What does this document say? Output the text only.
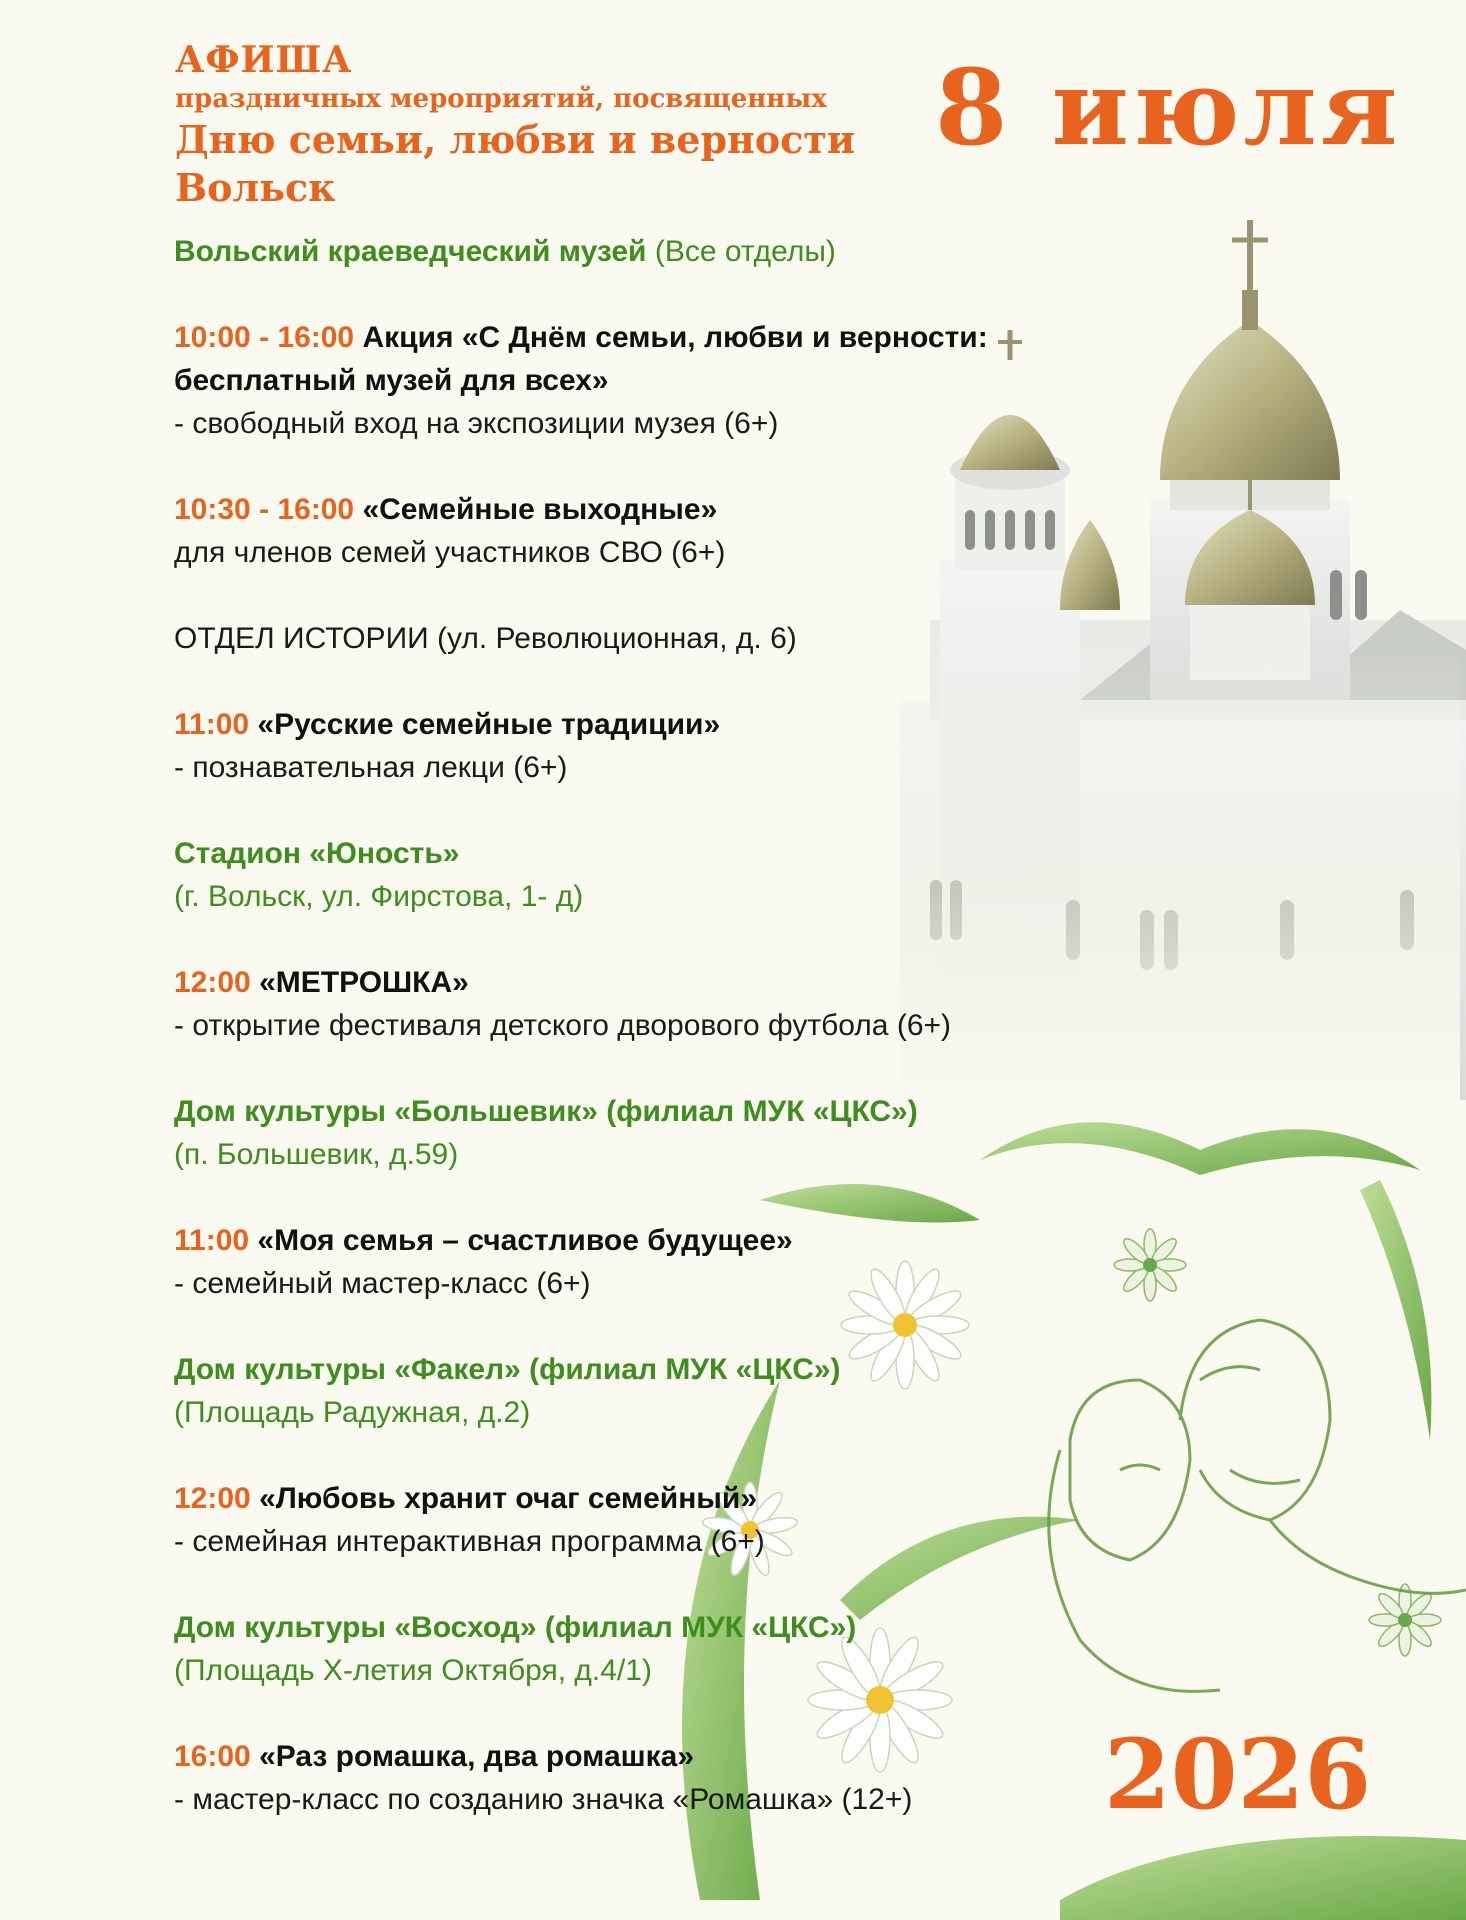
АФИША
праздничных мероприятий, посвященных
Дню семьи, любви и верности
Вольск
8 июля
2026
Вольский краеведческий музей (Все отделы)
10:00 - 16:00 Акция «С Днём семьи, любви и верности:
бесплатный музей для всех»
- свободный вход на экспозиции музея (6+)
10:30 - 16:00 «Семейные выходные»
для членов семей участников СВО (6+)
ОТДЕЛ ИСТОРИИ (ул. Революционная, д. 6)
11:00 «Русские семейные традиции»
- познавательная лекци (6+)
Стадион «Юность»
(г. Вольск, ул. Фирстова, 1- д)
12:00 «МЕТРОШКА»
- открытие фестиваля детского дворового футбола (6+)
Дом культуры «Большевик» (филиал МУК «ЦКС»)
(п. Большевик, д.59)
11:00 «Моя семья – счастливое будущее»
- семейный мастер-класс (6+)
Дом культуры «Факел» (филиал МУК «ЦКС»)
(Площадь Радужная, д.2)
12:00 «Любовь хранит очаг семейный»
- семейная интерактивная программа (6+)
Дом культуры «Восход» (филиал МУК «ЦКС»)
(Площадь X-летия Октября, д.4/1)
16:00 «Раз ромашка, два ромашка»
- мастер-класс по созданию значка «Ромашка» (12+)
